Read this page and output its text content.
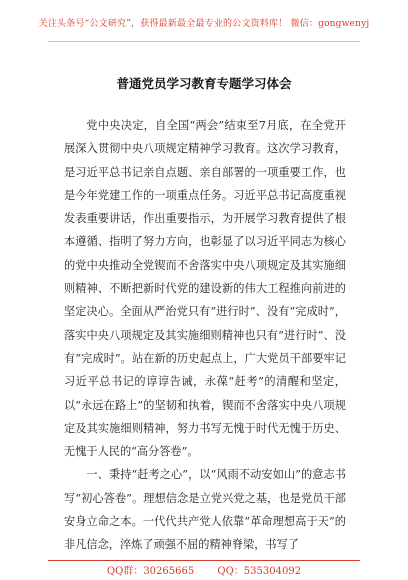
关注头条号“公文研究”，获得最新最全最专业的公文资料库！ 微信：gongwenyj
普通党员学习教育专题学习体会

党中央决定，自全国“两会”结束至7月底，在全党开展深入贯彻中央八项规定精神学习教育。这次学习教育，是习近平总书记亲自点题、亲自部署的一项重要工作，也是今年党建工作的一项重点任务。习近平总书记高度重视发表重要讲话，作出重要指示，为开展学习教育提供了根本遵循、指明了努力方向，也彰显了以习近平同志为核心的党中央推动全党锲而不舍落实中央八项规定及其实施细则精神、不断把新时代党的建设新的伟大工程推向前进的坚定决心。全面从严治党只有“进行时”、没有“完成时”，落实中央八项规定及其实施细则精神也只有“进行时”、没有“完成时”。站在新的历史起点上，广大党员干部要牢记习近平总书记的谆谆告诫，永葆“赶考”的清醒和坚定，以“永远在路上”的坚韧和执着，锲而不舍落实中央八项规定及其实施细则精神，努力书写无愧于时代无愧于历史、无愧于人民的“高分答卷”。

一、秉持“赶考之心”，以“风雨不动安如山”的意志书写“初心答卷”。理想信念是立党兴党之基，也是党员干部安身立命之本。一代代共产党人依靠“革命理想高于天”的非凡信念，淬炼了顽强不屈的精神脊梁，书写了

QQ群：30265665 QQ：535304092
